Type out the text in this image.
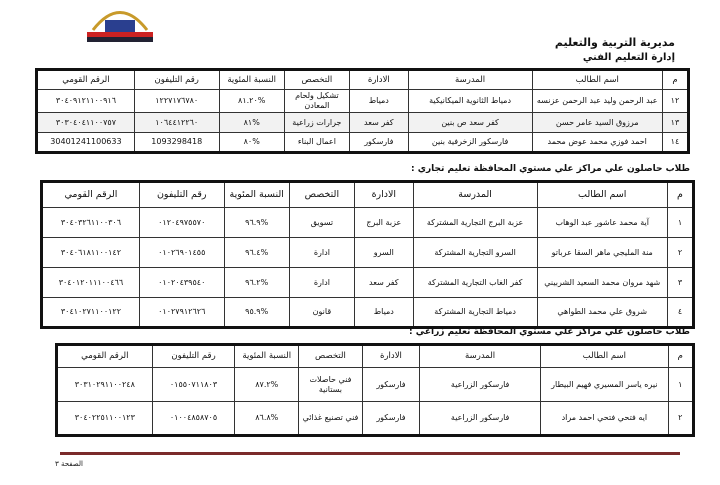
مديرية التربية والتعليم
إدارة التعليم الفني
م	اسم الطالب	المدرسة	الادارة	التخصص	النسبة المئوية	رقم التليفون	الرقم القومي
١٢	عبد الرحمن وليد عبد الرحمن عزنسه	دمياط الثانوية الميكانيكية	دمياط	تشكيل ولحام المعادن	%٨١.٢٠	١٢٢٧١٧٦٧٨٠	٣٠٤٠٩١٢١١٠٠٩١٦
١٣	مرزوق السيد عامر حسن	كفر سعد ص بنين	كفر سعد	جرارات زراعية	%٨١	١٠٦٤٤١٢٢٦٠	٣٠٣٠٤٠٤١١٠٠٧٥٧
١٤	احمد فوزي محمد عوض محمد	فارسكور الزخرفية بنين	فارسكور	اعمال البناء	%٨٠	1093298418	30401241100633
طلاب حاصلون علي مراكز علي مستوي المحافظة تعليم تجاري :
م	اسم الطالب	المدرسة	الادارة	التخصص	النسبة المئوية	رقم التليفون	الرقم القومي
١	آية محمد عاشور عبد الوهاب	عزبة البرج التجارية المشتركة	عزبة البرج	تسويق	%٩٦.٩	٠١٢٠٤٩٧٥٥٧٠	٣٠٤٠٣٢٦١١٠٠٣٠٦
٢	منة المليجي ماهر السقا عرباتو	السرو التجارية المشتركة	السرو	ادارة	%٩٦.٤	٠١٠٢٦٩٠١٤٥٥	٣٠٤٠٦١٨١١٠٠١٤٢
٣	شهد مروان محمد السعيد الشربيني	كفر الغاب التجارية المشتركة	كفر سعد	ادارة	%٩٦.٢	٠١٠٢٠٤٣٩٥٤٠	٣٠٤٠١٢٠١١١٠٠٤٦٦
٤	شروق علي محمد الطواهي	دمياط التجارية المشتركة	دمياط	قانون	%٩٥.٩	٠١٠٢٧٩١٢٦٢٦	٣٠٤١٠٢٧١١٠٠١٢٢
طلاب حاصلون علي مراكز علي مستوي المحافظة تعليم زراعي :
م	اسم الطالب	المدرسة	الادارة	التخصص	النسبة المئوية	رقم التليفون	الرقم القومي
١	نيره ياسر المسيري فهيم البيطار	فارسكور الزراعية	فارسكور	فني حاصلات بستانية	%٨٧.٢	٠١٥٥٠٧١١٨٠٣	٣٠٣١٠٢٩١١٠٠٢٤٨
٢	ايه فتحي فتحي احمد مراد	فارسكور الزراعية	فارسكور	فني تصنيع غذائي	%٨٦.٨	٠١٠٠٤٨٥٨٧٠٥	٣٠٤٠٢٢٥١١٠٠١٢٣
الصفحة ٣
